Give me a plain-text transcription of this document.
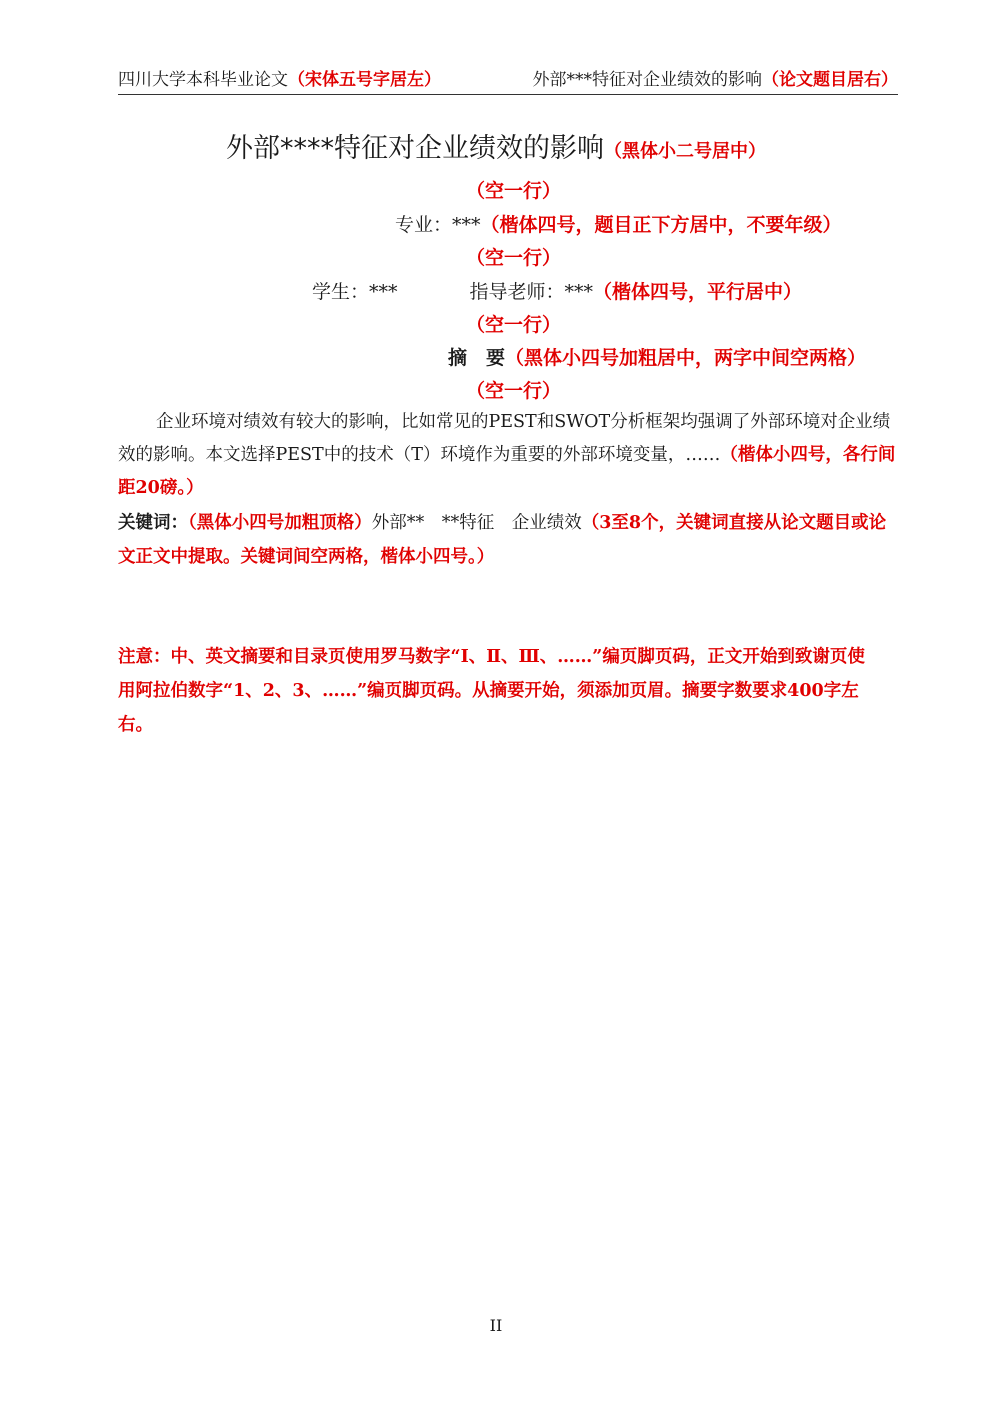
四川大学本科毕业论文（宋体五号字居左）	外部***特征对企业绩效的影响（论文题目居右）
外部****特征对企业绩效的影响（黑体小二号居中）
（空一行）
专业：***（楷体四号，题目正下方居中，不要年级）
（空一行）
学生：***	指导老师：***（楷体四号，平行居中）
（空一行）
摘　要（黑体小四号加粗居中，两字中间空两格）
（空一行）
企业环境对绩效有较大的影响，比如常见的PEST和SWOT分析框架均强调了外部环境对企业绩效的影响。本文选择PEST中的技术（T）环境作为重要的外部环境变量，……（楷体小四号，各行间距20磅。）
关键词：（黑体小四号加粗顶格）外部**　**特征　企业绩效（3至8个，关键词直接从论文题目或论文正文中提取。关键词间空两格，楷体小四号。）
注意：中、英文摘要和目录页使用罗马数字“Ⅰ、Ⅱ、Ⅲ、……”编页脚页码，正文开始到致谢页使用阿拉伯数字“1、2、3、……”编页脚页码。从摘要开始，须添加页眉。摘要字数要求400字左右。
II
